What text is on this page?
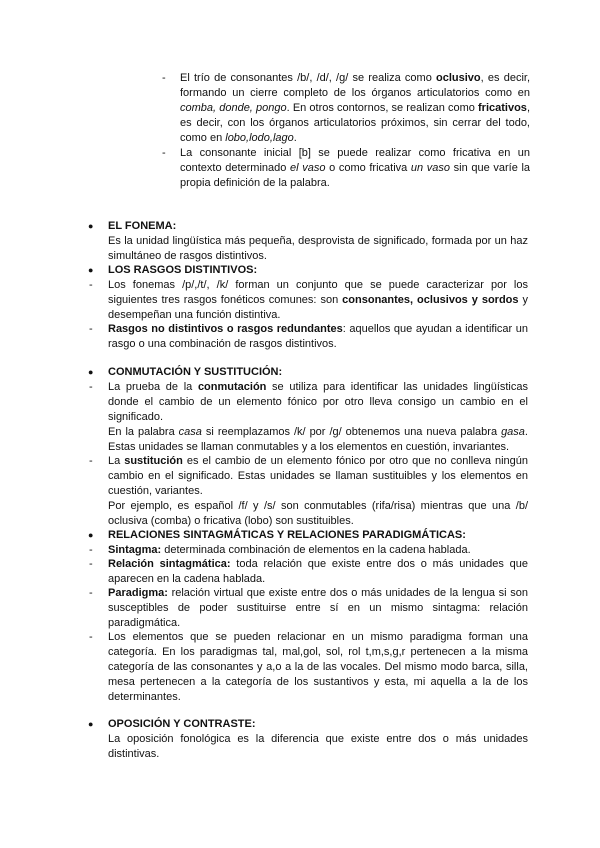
- El trío de consonantes /b/, /d/, /g/ se realiza como oclusivo, es decir, formando un cierre completo de los órganos articulatorios como en comba, donde, pongo. En otros contornos, se realizan como fricativos, es decir, con los órganos articulatorios próximos, sin cerrar del todo, como en lobo,lodo,lago.
- La consonante inicial [b] se puede realizar como fricativa en un contexto determinado el vaso o como fricativa un vaso sin que varíe la propia definición de la palabra.
● EL FONEMA:
Es la unidad lingüística más pequeña, desprovista de significado, formada por un haz simultáneo de rasgos distintivos.
● LOS RASGOS DISTINTIVOS:
- Los fonemas /p/,/t/, /k/ forman un conjunto que se puede caracterizar por los siguientes tres rasgos fonéticos comunes: son consonantes, oclusivos y sordos y desempeñan una función distintiva.
- Rasgos no distintivos o rasgos redundantes: aquellos que ayudan a identificar un rasgo o una combinación de rasgos distintivos.
● CONMUTACIÓN Y SUSTITUCIÓN:
- La prueba de la conmutación se utiliza para identificar las unidades lingüísticas donde el cambio de un elemento fónico por otro lleva consigo un cambio en el significado.
En la palabra casa si reemplazamos /k/ por /g/ obtenemos una nueva palabra gasa. Estas unidades se llaman conmutables y a los elementos en cuestión, invariantes.
- La sustitución es el cambio de un elemento fónico por otro que no conlleva ningún cambio en el significado. Estas unidades se llaman sustituibles y los elementos en cuestión, variantes.
Por ejemplo, es español /f/ y /s/ son conmutables (rifa/risa) mientras que una /b/ oclusiva (comba) o fricativa (lobo) son sustituibles.
● RELACIONES SINTAGMÁTICAS Y RELACIONES PARADIGMÁTICAS:
- Sintagma: determinada combinación de elementos en la cadena hablada.
- Relación sintagmática: toda relación que existe entre dos o más unidades que aparecen en la cadena hablada.
- Paradigma: relación virtual que existe entre dos o más unidades de la lengua si son susceptibles de poder sustituirse entre sí en un mismo sintagma: relación paradigmática.
- Los elementos que se pueden relacionar en un mismo paradigma forman una categoría. En los paradigmas tal, mal,gol, sol, rol t,m,s,g,r pertenecen a la misma categoría de las consonantes y a,o a la de las vocales. Del mismo modo barca, silla, mesa pertenecen a la categoría de los sustantivos y esta, mi aquella a la de los determinantes.
● OPOSICIÓN Y CONTRASTE:
La oposición fonológica es la diferencia que existe entre dos o más unidades distintivas.
